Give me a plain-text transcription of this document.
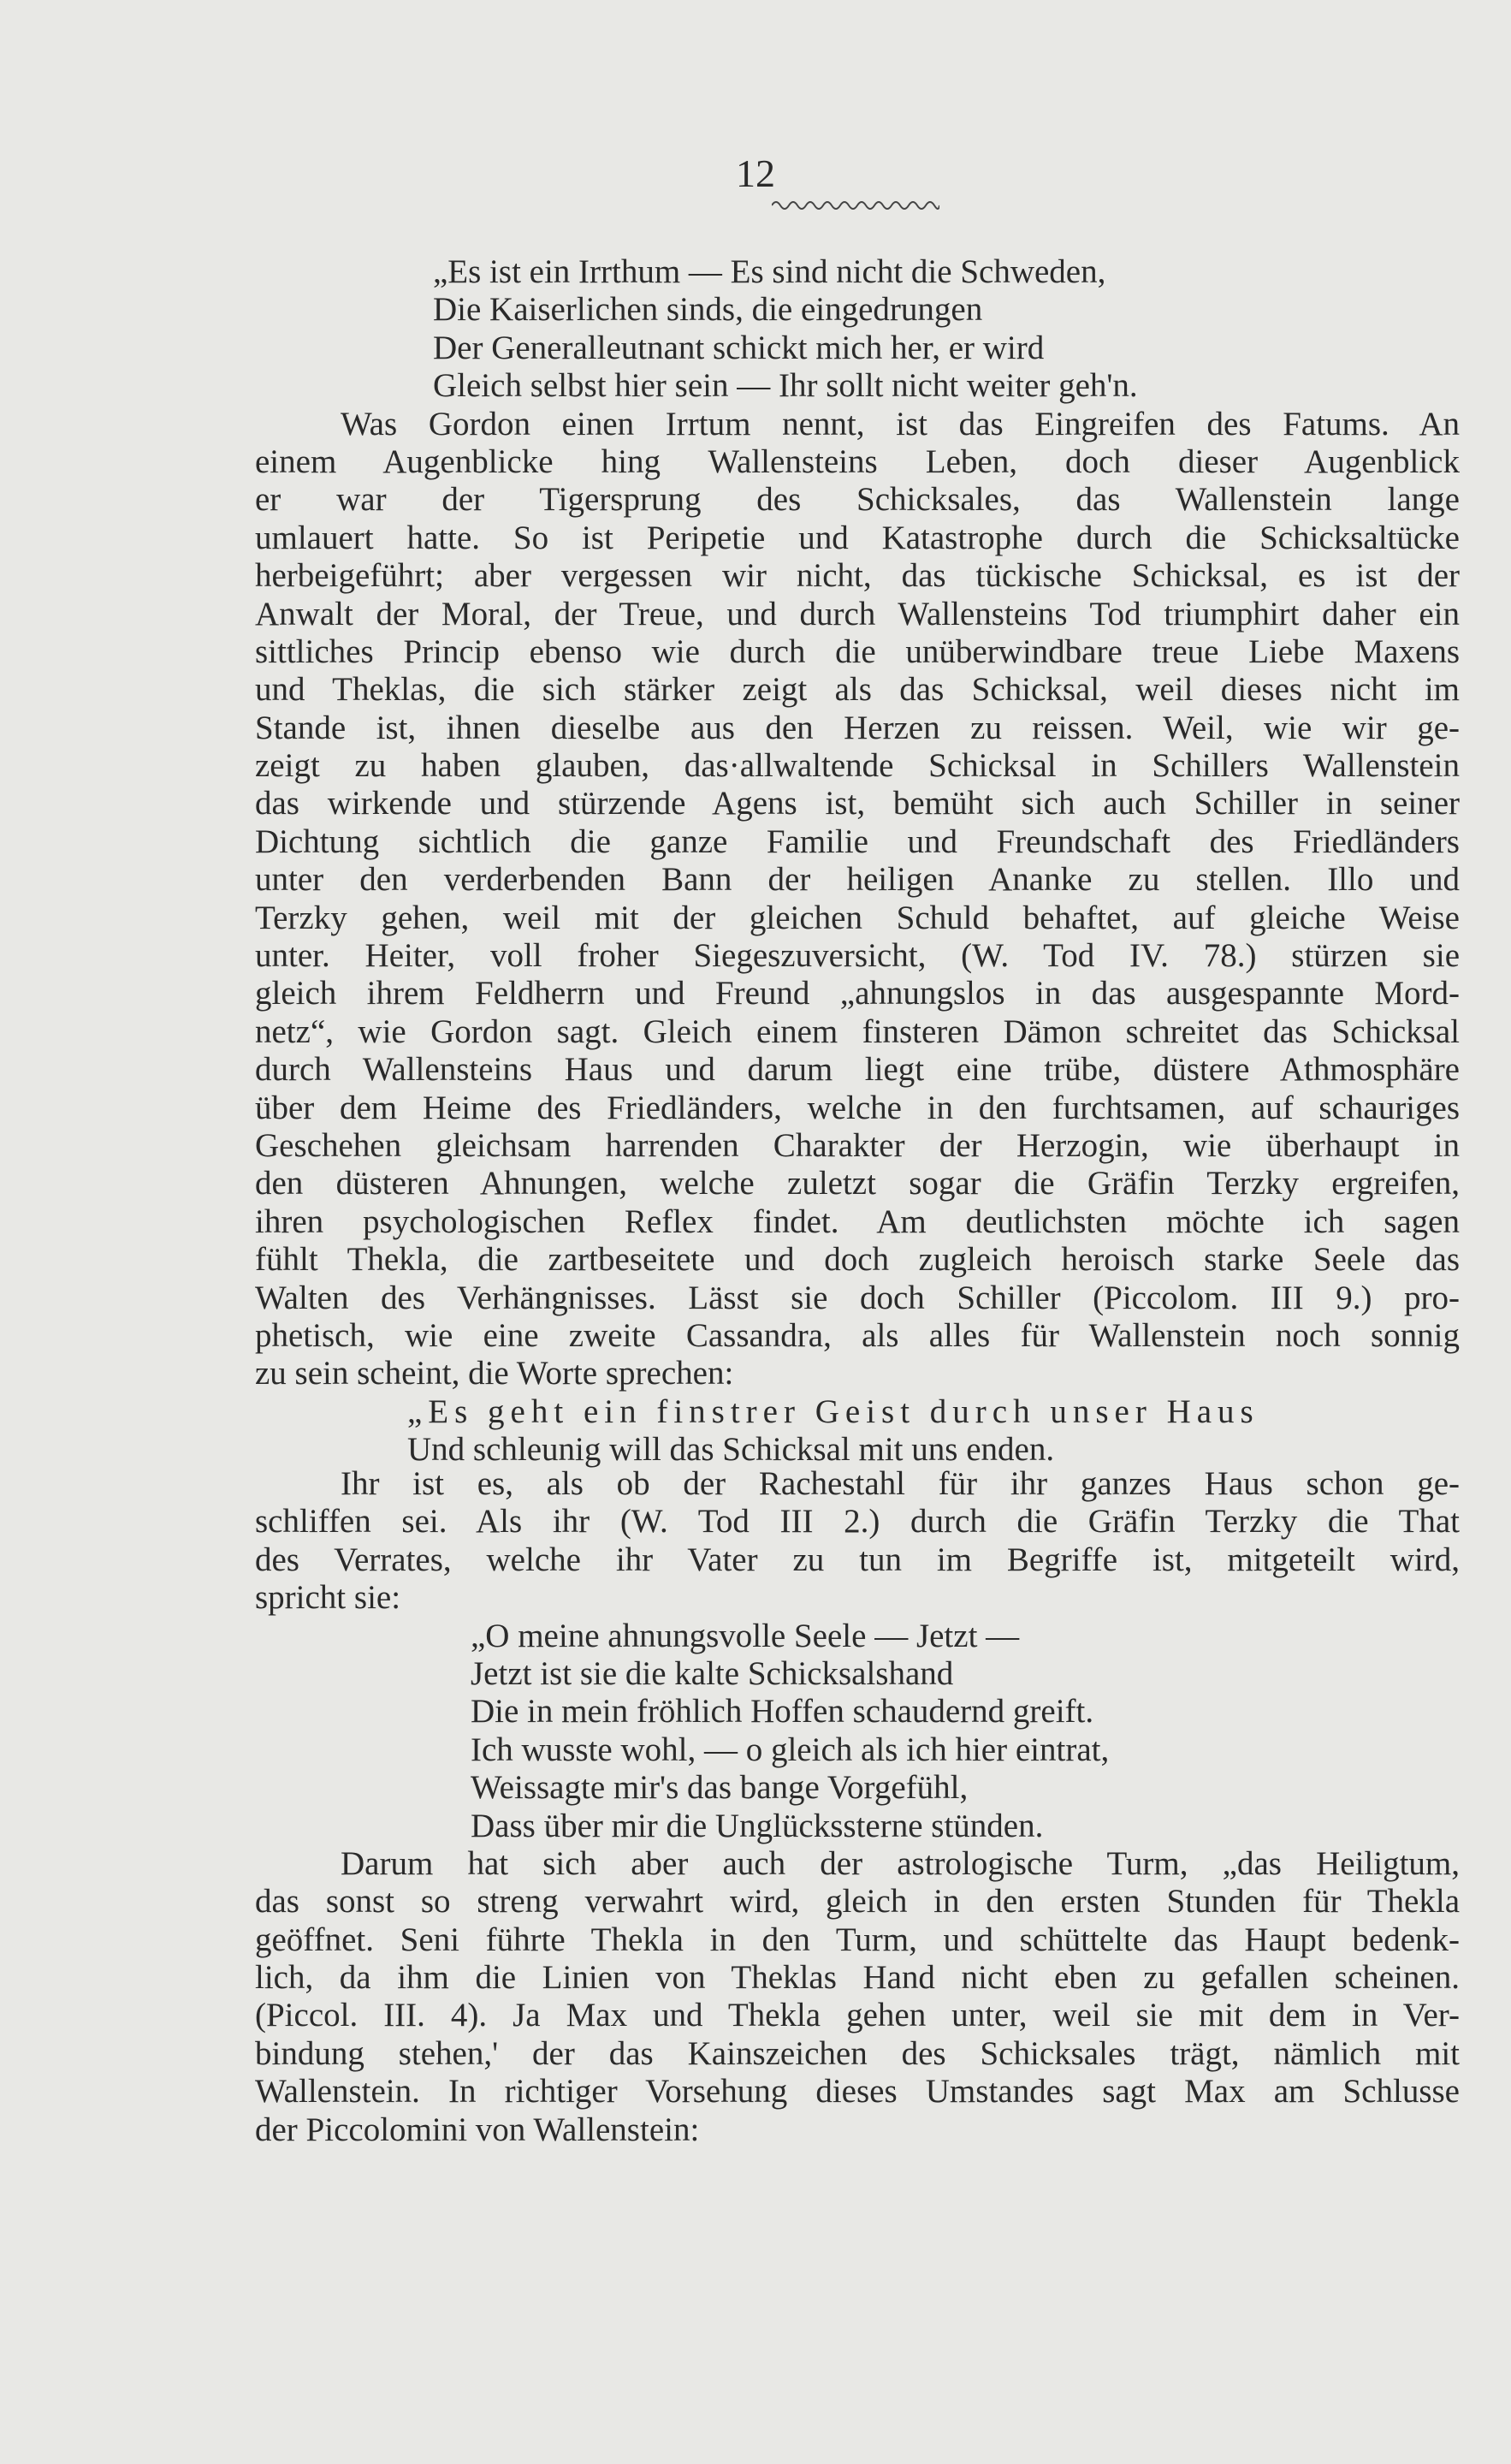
12
„Es ist ein Irrthum — Es sind nicht die Schweden,
Die Kaiserlichen sinds, die eingedrungen
Der Generalleutnant schickt mich her, er wird
Gleich selbst hier sein — Ihr sollt nicht weiter geh'n.
Was Gordon einen Irrtum nennt, ist das Eingreifen des Fatums. An
einem Augenblicke hing Wallensteins Leben, doch dieser Augenblick
er war der Tigersprung des Schicksales, das Wallenstein lange
umlauert hatte. So ist Peripetie und Katastrophe durch die Schicksaltücke
herbeigeführt; aber vergessen wir nicht, das tückische Schicksal, es ist der
Anwalt der Moral, der Treue, und durch Wallensteins Tod triumphirt daher ein
sittliches Princip ebenso wie durch die unüberwindbare treue Liebe Maxens
und Theklas, die sich stärker zeigt als das Schicksal, weil dieses nicht im
Stande ist, ihnen dieselbe aus den Herzen zu reissen. Weil, wie wir ge-
zeigt zu haben glauben, das·allwaltende Schicksal in Schillers Wallenstein
das wirkende und stürzende Agens ist, bemüht sich auch Schiller in seiner
Dichtung sichtlich die ganze Familie und Freundschaft des Friedländers
unter den verderbenden Bann der heiligen Ananke zu stellen. Illo und
Terzky gehen, weil mit der gleichen Schuld behaftet, auf gleiche Weise
unter. Heiter, voll froher Siegeszuversicht, (W. Tod IV. 78.) stürzen sie
gleich ihrem Feldherrn und Freund „ahnungslos in das ausgespannte Mord-
netz“, wie Gordon sagt. Gleich einem finsteren Dämon schreitet das Schicksal
durch Wallensteins Haus und darum liegt eine trübe, düstere Athmosphäre
über dem Heime des Friedländers, welche in den furchtsamen, auf schauriges
Geschehen gleichsam harrenden Charakter der Herzogin, wie überhaupt in
den düsteren Ahnungen, welche zuletzt sogar die Gräfin Terzky ergreifen,
ihren psychologischen Reflex findet. Am deutlichsten möchte ich sagen
fühlt Thekla, die zartbeseitete und doch zugleich heroisch starke Seele das
Walten des Verhängnisses. Lässt sie doch Schiller (Piccolom. III 9.) pro-
phetisch, wie eine zweite Cassandra, als alles für Wallenstein noch sonnig
zu sein scheint, die Worte sprechen:
„Es geht ein finstrer Geist durch unser Haus
Und schleunig will das Schicksal mit uns enden.
Ihr ist es, als ob der Rachestahl für ihr ganzes Haus schon ge-
schliffen sei. Als ihr (W. Tod III 2.) durch die Gräfin Terzky die That
des Verrates, welche ihr Vater zu tun im Begriffe ist, mitgeteilt wird,
spricht sie:
„O meine ahnungsvolle Seele — Jetzt —
Jetzt ist sie die kalte Schicksalshand
Die in mein fröhlich Hoffen schaudernd greift.
Ich wusste wohl, — o gleich als ich hier eintrat,
Weissagte mir's das bange Vorgefühl,
Dass über mir die Unglückssterne stünden.
Darum hat sich aber auch der astrologische Turm, „das Heiligtum,
das sonst so streng verwahrt wird, gleich in den ersten Stunden für Thekla
geöffnet. Seni führte Thekla in den Turm, und schüttelte das Haupt bedenk-
lich, da ihm die Linien von Theklas Hand nicht eben zu gefallen scheinen.
(Piccol. III. 4). Ja Max und Thekla gehen unter, weil sie mit dem in Ver-
bindung stehen,' der das Kainszeichen des Schicksales trägt, nämlich mit
Wallenstein. In richtiger Vorsehung dieses Umstandes sagt Max am Schlusse
der Piccolomini von Wallenstein:
